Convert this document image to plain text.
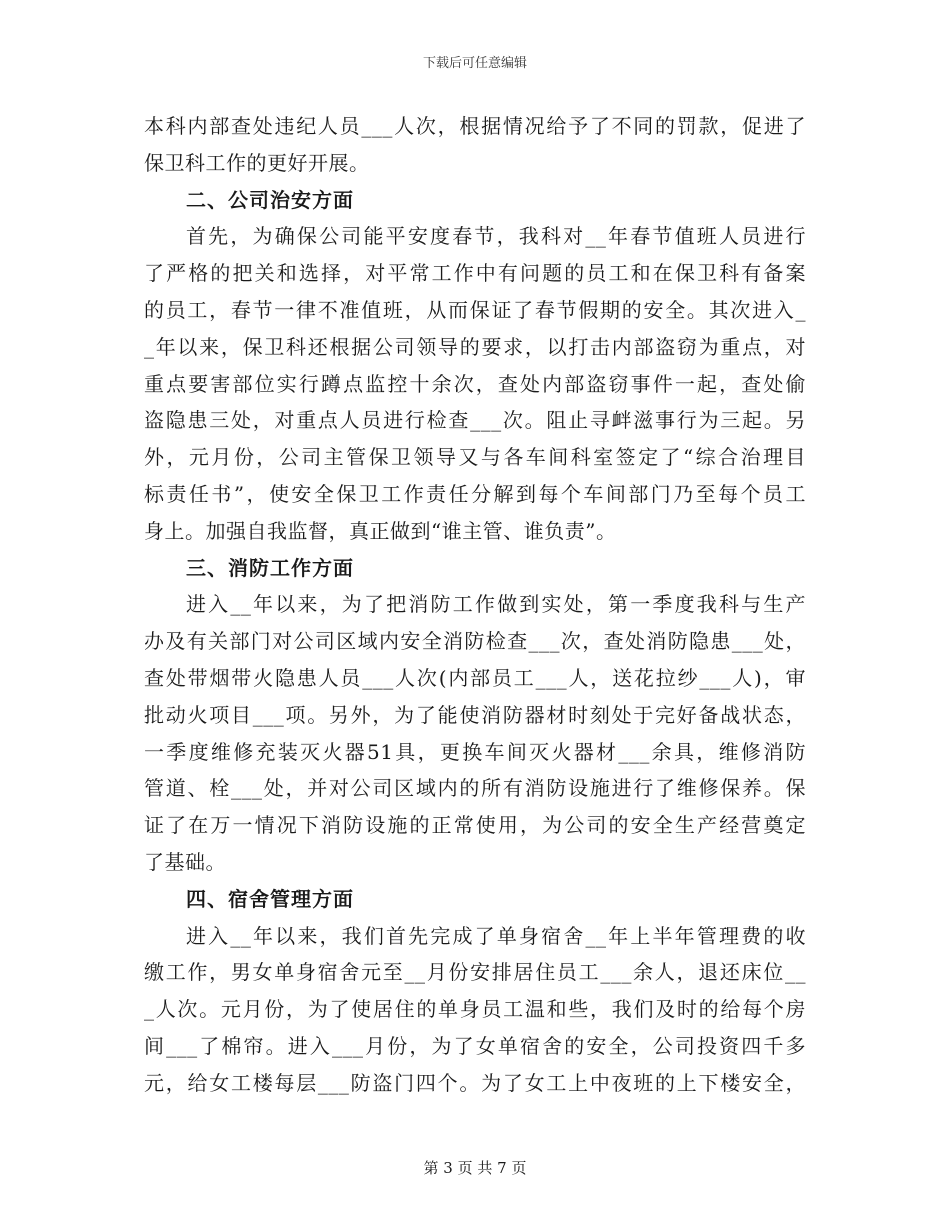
下载后可任意编辑
本科内部查处违纪人员___人次，根据情况给予了不同的罚款，促进了
保卫科工作的更好开展。
二、公司治安方面
首先，为确保公司能平安度春节，我科对__年春节值班人员进行
了严格的把关和选择，对平常工作中有问题的员工和在保卫科有备案
的员工，春节一律不准值班，从而保证了春节假期的安全。其次进入_
_年以来，保卫科还根据公司领导的要求，以打击内部盗窃为重点，对
重点要害部位实行蹲点监控十余次，查处内部盗窃事件一起，查处偷
盗隐患三处，对重点人员进行检查___次。阻止寻衅滋事行为三起。另
外，元月份，公司主管保卫领导又与各车间科室签定了“综合治理目
标责任书”，使安全保卫工作责任分解到每个车间部门乃至每个员工
身上。加强自我监督，真正做到“谁主管、谁负责”。
三、消防工作方面
进入__年以来，为了把消防工作做到实处，第一季度我科与生产
办及有关部门对公司区域内安全消防检查___次，查处消防隐患___处，
查处带烟带火隐患人员___人次(内部员工___人，送花拉纱___人)，审
批动火项目___项。另外，为了能使消防器材时刻处于完好备战状态，
一季度维修充装灭火器51具，更换车间灭火器材___余具，维修消防
管道、栓___处，并对公司区域内的所有消防设施进行了维修保养。保
证了在万一情况下消防设施的正常使用，为公司的安全生产经营奠定
了基础。
四、宿舍管理方面
进入__年以来，我们首先完成了单身宿舍__年上半年管理费的收
缴工作，男女单身宿舍元至__月份安排居住员工___余人，退还床位__
_人次。元月份，为了使居住的单身员工温和些，我们及时的给每个房
间___了棉帘。进入___月份，为了女单宿舍的安全，公司投资四千多
元，给女工楼每层___防盗门四个。为了女工上中夜班的上下楼安全，
第 3 页 共 7 页
